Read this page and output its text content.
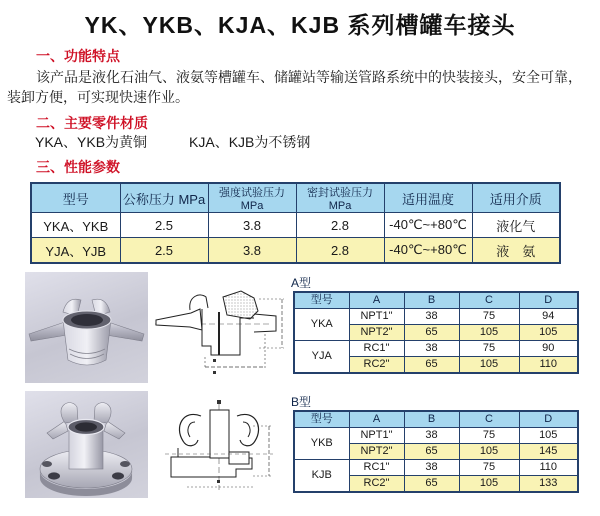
YK、YKB、KJA、KJB 系列槽罐车接头
一、功能特点
该产品是液化石油气、液氨等槽罐车、储罐站等输送管路系统中的快装接头，安全可靠，装卸方便，可实现快速作业。
二、主要零件材质
YKA、YKB为黄铜　　　KJA、KJB为不锈钢
三、性能参数
型号	公称压力 MPa	强度试验压力MPa	密封试验压力MPa	适用温度	适用介质
YKA、YKB	2.5	3.8	2.8	-40℃~+80℃	液化气
YJA、YJB	2.5	3.8	2.8	-40℃~+80℃	液　氨
A型
型号	A	B	C	D
YKA	NPT1"	38	75	94
	NPT2"	65	105	105
YJA	RC1"	38	75	90
	RC2"	65	105	110
B型
型号	A	B	C	D
YKB	NPT1"	38	75	105
	NPT2"	65	105	145
KJB	RC1"	38	75	110
	RC2"	65	105	133
